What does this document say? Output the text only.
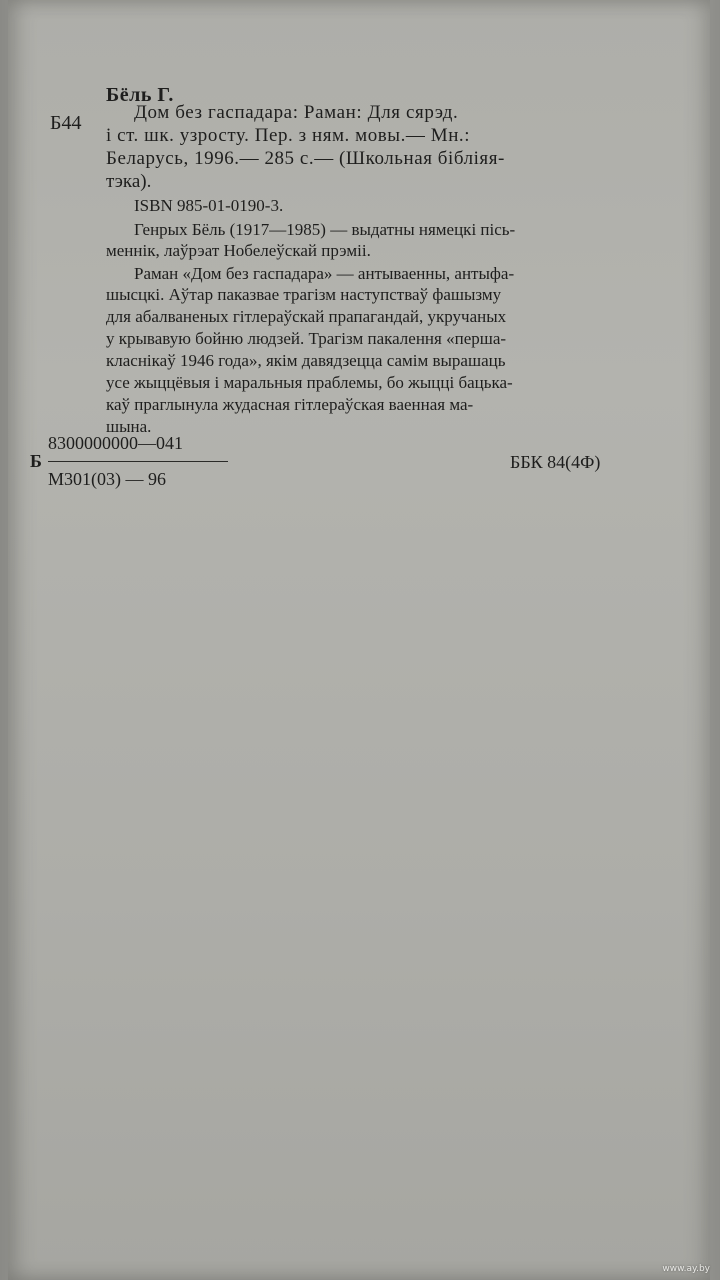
Бёль Г.
Б44	Дом без гаспадара: Раман: Для сярэд.
і ст. шк. узросту. Пер. з ням. мовы.— Мн.:
Беларусь, 1996.— 285 с.— (Школьная бібліяя-
тэка).
ISBN 985-01-0190-3.
Генрых Бёль (1917—1985) — выдатны нямецкі пісь-
меннік, лаўрэат Нобелеўскай прэміі.
Раман «Дом без гаспадара» — антываенны, антыфа-
шысцкі. Аўтар паказвае трагізм наступстваў фашызму
для абалваненых гітлераўскай прапагандай, укручаных
у крывавую бойню людзей. Трагізм пакалення «перша-
класнікаў 1946 года», якім давядзецца самім вырашаць
усе жыццёвыя і маральныя праблемы, бо жыцці бацька-
каў праглынула жудасная гітлераўская ваенная ма-
шына.
8300000000—041
Б
М301(03) — 96
ББК 84(4Ф)
www.ay.by
